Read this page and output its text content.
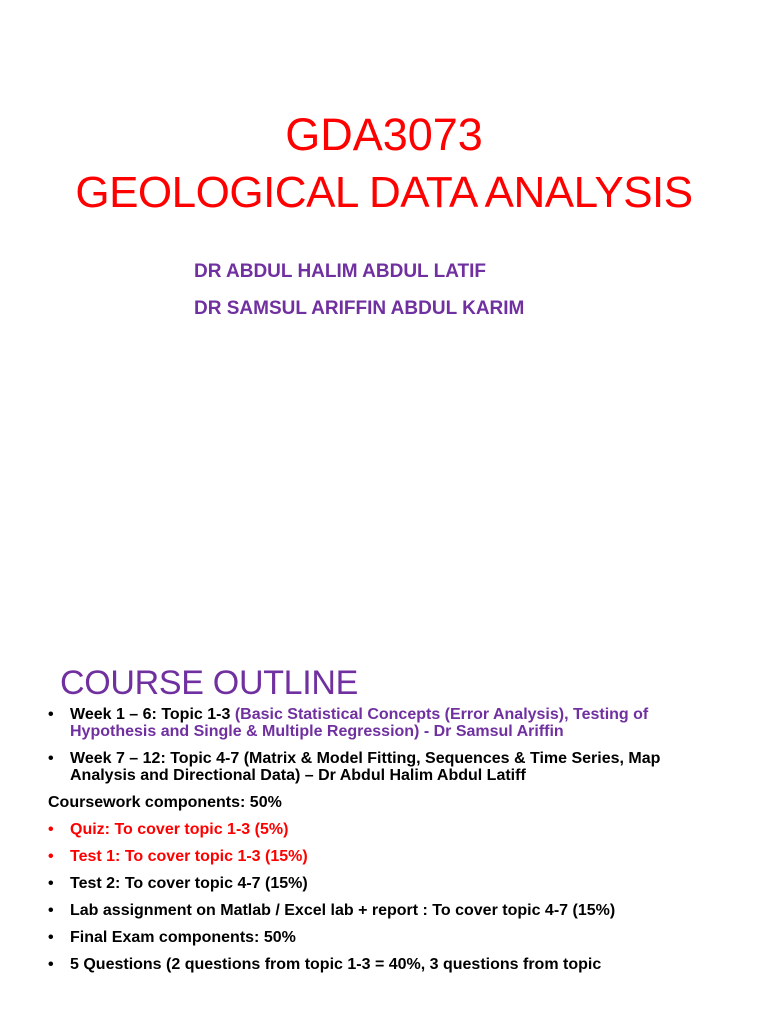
GDA3073
GEOLOGICAL DATA ANALYSIS
DR ABDUL HALIM ABDUL LATIF
DR SAMSUL ARIFFIN ABDUL KARIM
COURSE OUTLINE
• Week 1 – 6: Topic 1-3 (Basic Statistical Concepts (Error Analysis), Testing of Hypothesis and Single & Multiple Regression) - Dr Samsul Ariffin
• Week 7 – 12: Topic 4-7 (Matrix & Model Fitting, Sequences & Time Series, Map Analysis and Directional Data) – Dr Abdul Halim Abdul Latiff
Coursework components: 50%
• Quiz: To cover topic 1-3 (5%)
• Test 1: To cover topic 1-3 (15%)
• Test 2: To cover topic 4-7 (15%)
• Lab assignment on Matlab / Excel lab + report : To cover topic 4-7 (15%)
• Final Exam components: 50%
• 5 Questions (2 questions from topic 1-3 = 40%, 3 questions from topic
